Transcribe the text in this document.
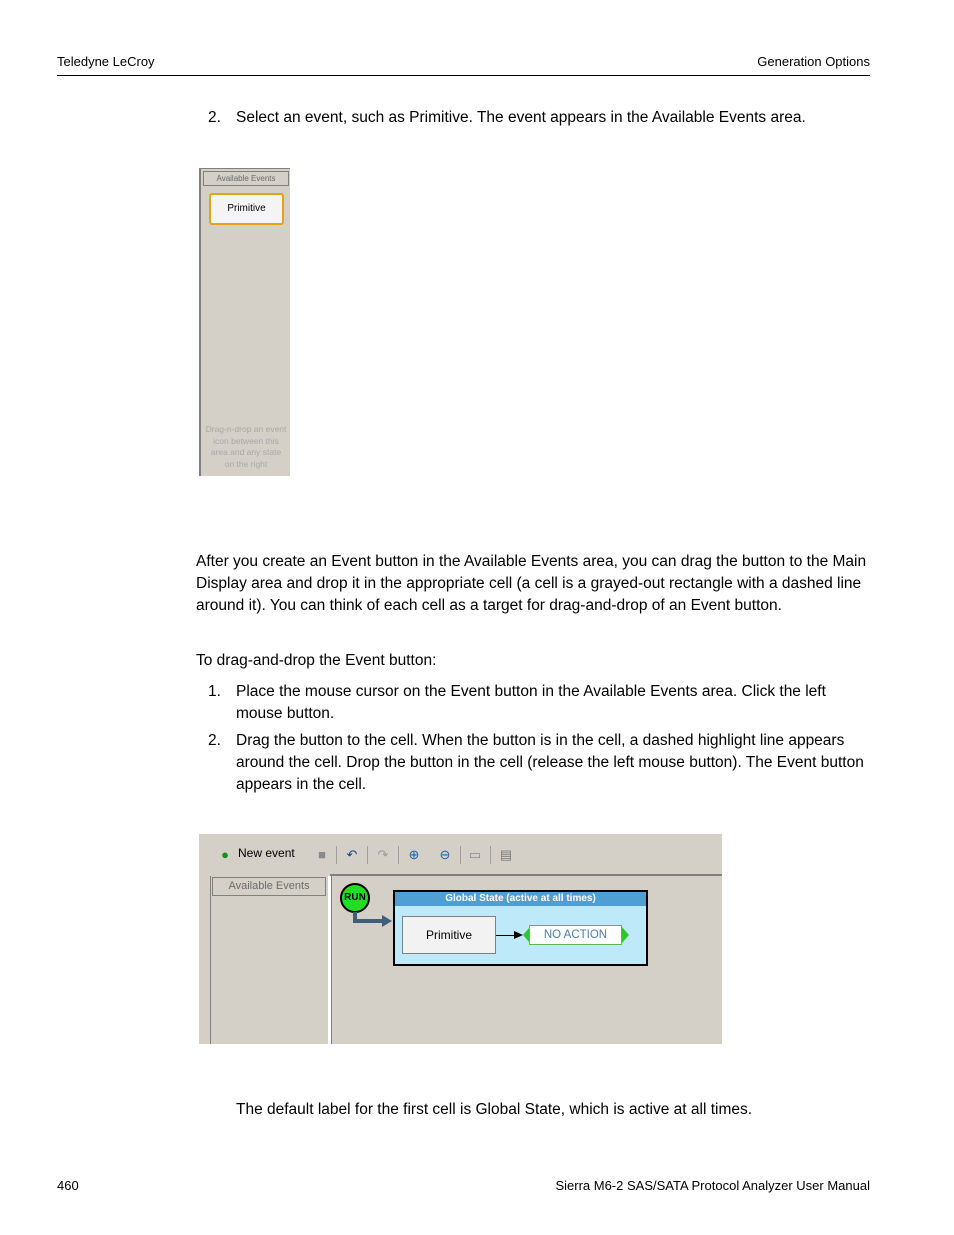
Teledyne LeCroy	Generation Options
2. Select an event, such as Primitive. The event appears in the Available Events area.
Available Events
Primitive
Drag-n-drop an event icon between this area and any state on the right
After you create an Event button in the Available Events area, you can drag the button to the Main Display area and drop it in the appropriate cell (a cell is a grayed-out rectangle with a dashed line around it). You can think of each cell as a target for drag-and-drop of an Event button.
To drag-and-drop the Event button:
1. Place the mouse cursor on the Event button in the Available Events area. Click the left mouse button.
2. Drag the button to the cell. When the button is in the cell, a dashed highlight line appears around the cell. Drop the button in the cell (release the left mouse button). The Event button appears in the cell.
● New event	■	↶ ↷ ⊕ ⊖ ▭ ▤
Available Events
RUN	Global State (active at all times)
Primitive	NO ACTION
The default label for the first cell is Global State, which is active at all times.
460	Sierra M6-2 SAS/SATA Protocol Analyzer User Manual
